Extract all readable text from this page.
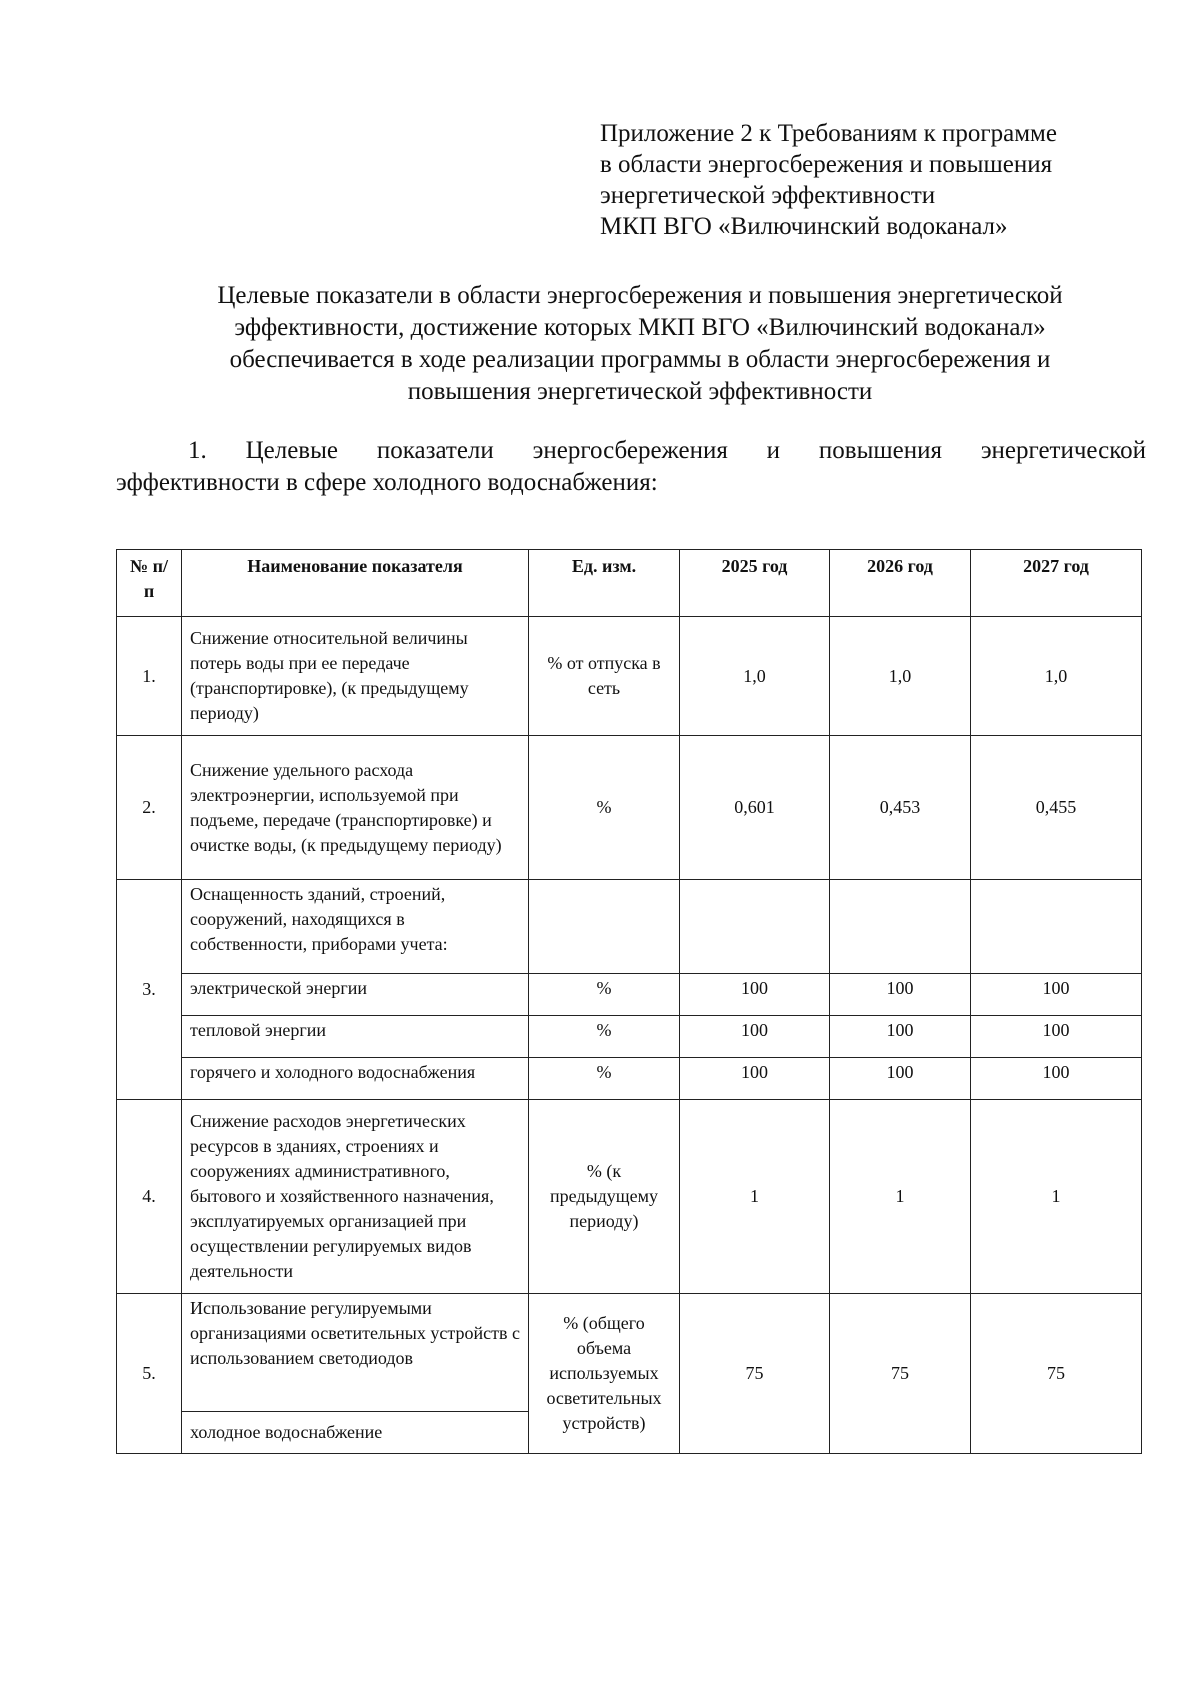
Приложение 2 к Требованиям к программе
в области энергосбережения и повышения
энергетической эффективности
МКП ВГО «Вилючинский водоканал»
Целевые показатели в области энергосбережения и повышения энергетической
эффективности, достижение которых МКП ВГО «Вилючинский водоканал»
обеспечивается в ходе реализации программы в области энергосбережения и
повышения энергетической эффективности
1. Целевые показатели энергосбережения и повышения энергетической
эффективности в сфере холодного водоснабжения:
№ п/п	Наименование показателя	Ед. изм.	2025 год	2026 год	2027 год
1.	Снижение относительной величины потерь воды при ее передаче (транспортировке), (к предыдущему периоду)	% от отпуска в сеть	1,0	1,0	1,0
2.	Снижение удельного расхода электроэнергии, используемой при подъеме, передаче (транспортировке) и очистке воды, (к предыдущему периоду)	%	0,601	0,453	0,455
3.	Оснащенность зданий, строений, сооружений, находящихся в собственности, приборами учета:				
	электрической энергии	%	100	100	100
	тепловой энергии	%	100	100	100
	горячего и холодного водоснабжения	%	100	100	100
4.	Снижение расходов энергетических ресурсов в зданиях, строениях и сооружениях административного, бытового и хозяйственного назначения, эксплуатируемых организацией при осуществлении регулируемых видов деятельности	% (к предыдущему периоду)	1	1	1
5.	Использование регулируемыми организациями осветительных устройств с использованием светодиодов	% (общего объема используемых осветительных устройств)	75	75	75
	холодное водоснабжение				
